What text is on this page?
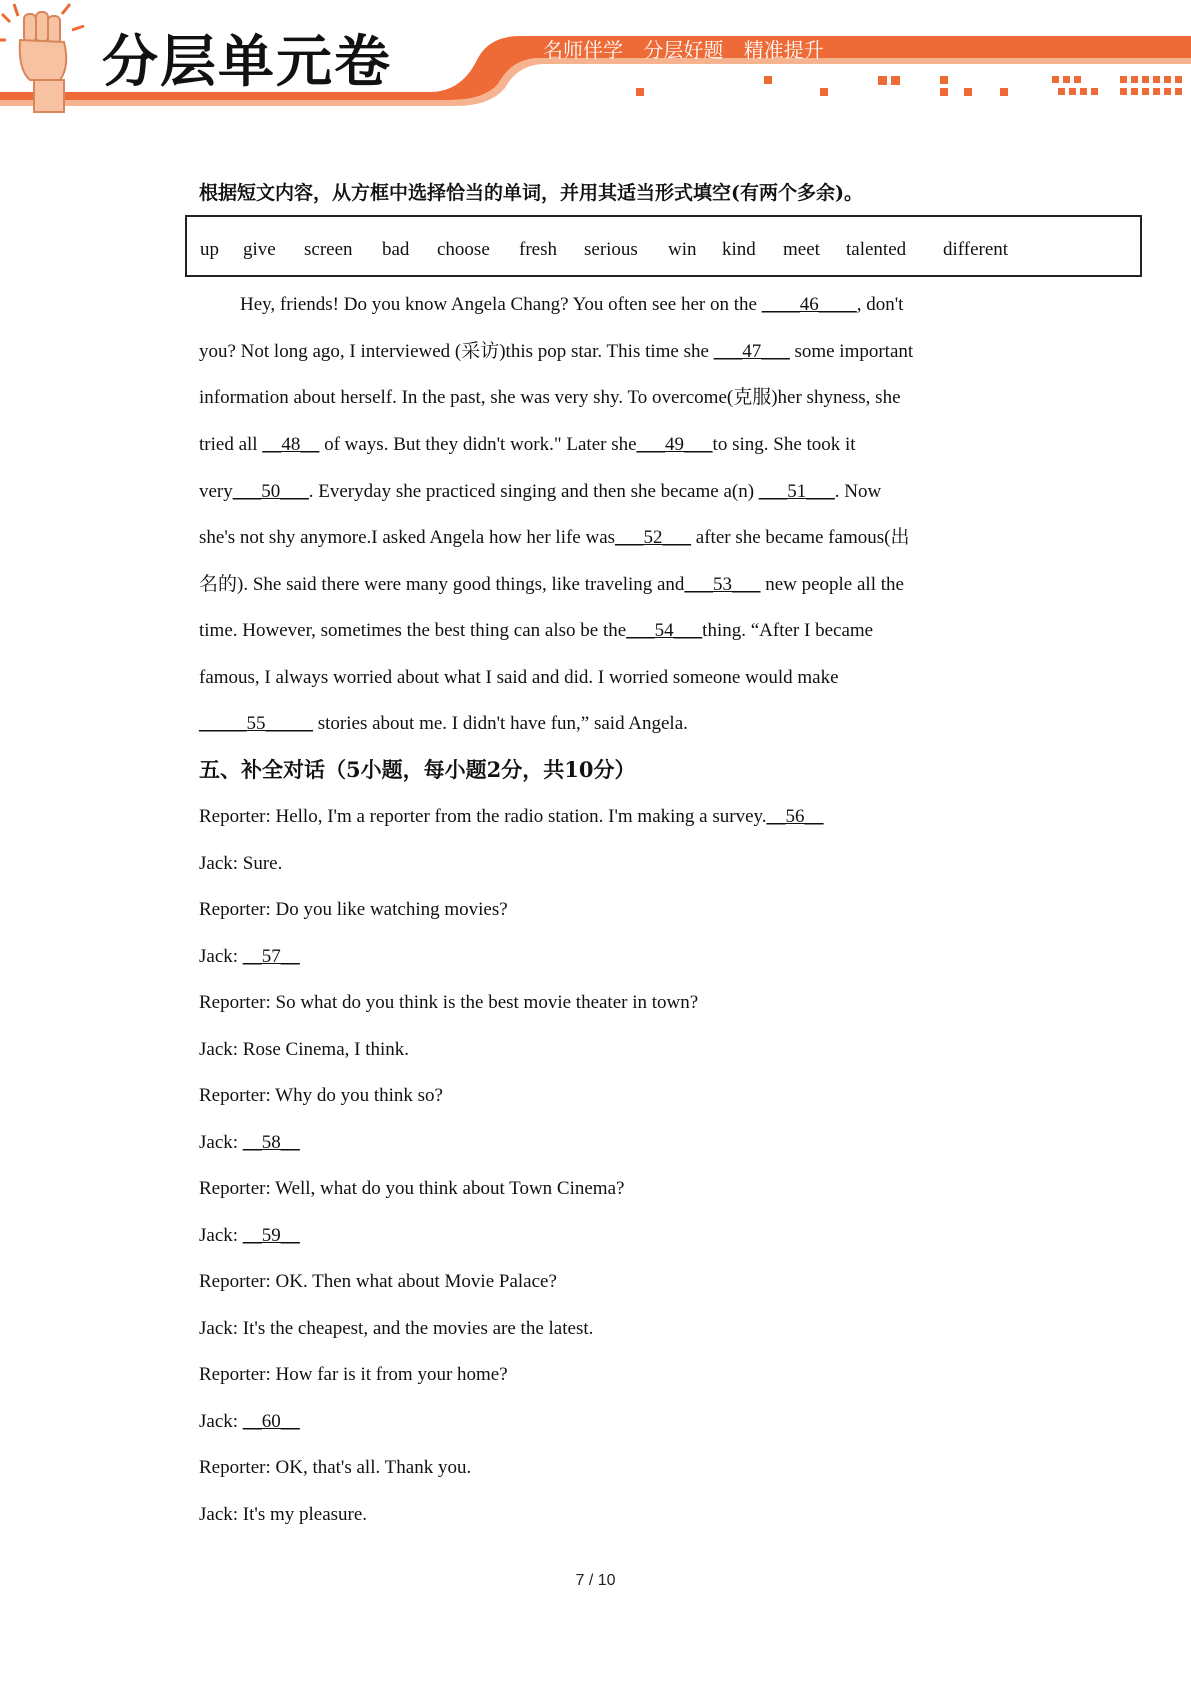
分层单元卷	名师伴学 分层好题 精准提升
根据短文内容，从方框中选择恰当的单词，并用其适当形式填空(有两个多余)。
up give screen bad choose fresh serious win kind meet talented different
Hey, friends! Do you know Angela Chang? You often see her on the ____46____, don't
you? Not long ago, I interviewed (采访)this pop star. This time she ___47___ some important
information about herself. In the past, she was very shy. To overcome(克服)her shyness, she
tried all __48__ of ways. But they didn't work." Later she___49___to sing. She took it
very___50___. Everyday she practiced singing and then she became a(n) ___51___. Now
she's not shy anymore.I asked Angela how her life was___52___ after she became famous(出
名的). She said there were many good things, like traveling and___53___ new people all the
time. However, sometimes the best thing can also be the___54___thing. “After I became
famous, I always worried about what I said and did. I worried someone would make
_____55_____ stories about me. I didn't have fun,” said Angela.
五、补全对话（5小题，每小题2分，共10分）
Reporter: Hello, I'm a reporter from the radio station. I'm making a survey.__56__
Jack: Sure.
Reporter: Do you like watching movies?
Jack: __57__
Reporter: So what do you think is the best movie theater in town?
Jack: Rose Cinema, I think.
Reporter: Why do you think so?
Jack: __58__
Reporter: Well, what do you think about Town Cinema?
Jack: __59__
Reporter: OK. Then what about Movie Palace?
Jack: It's the cheapest, and the movies are the latest.
Reporter: How far is it from your home?
Jack: __60__
Reporter: OK, that's all. Thank you.
Jack: It's my pleasure.
7 / 10
